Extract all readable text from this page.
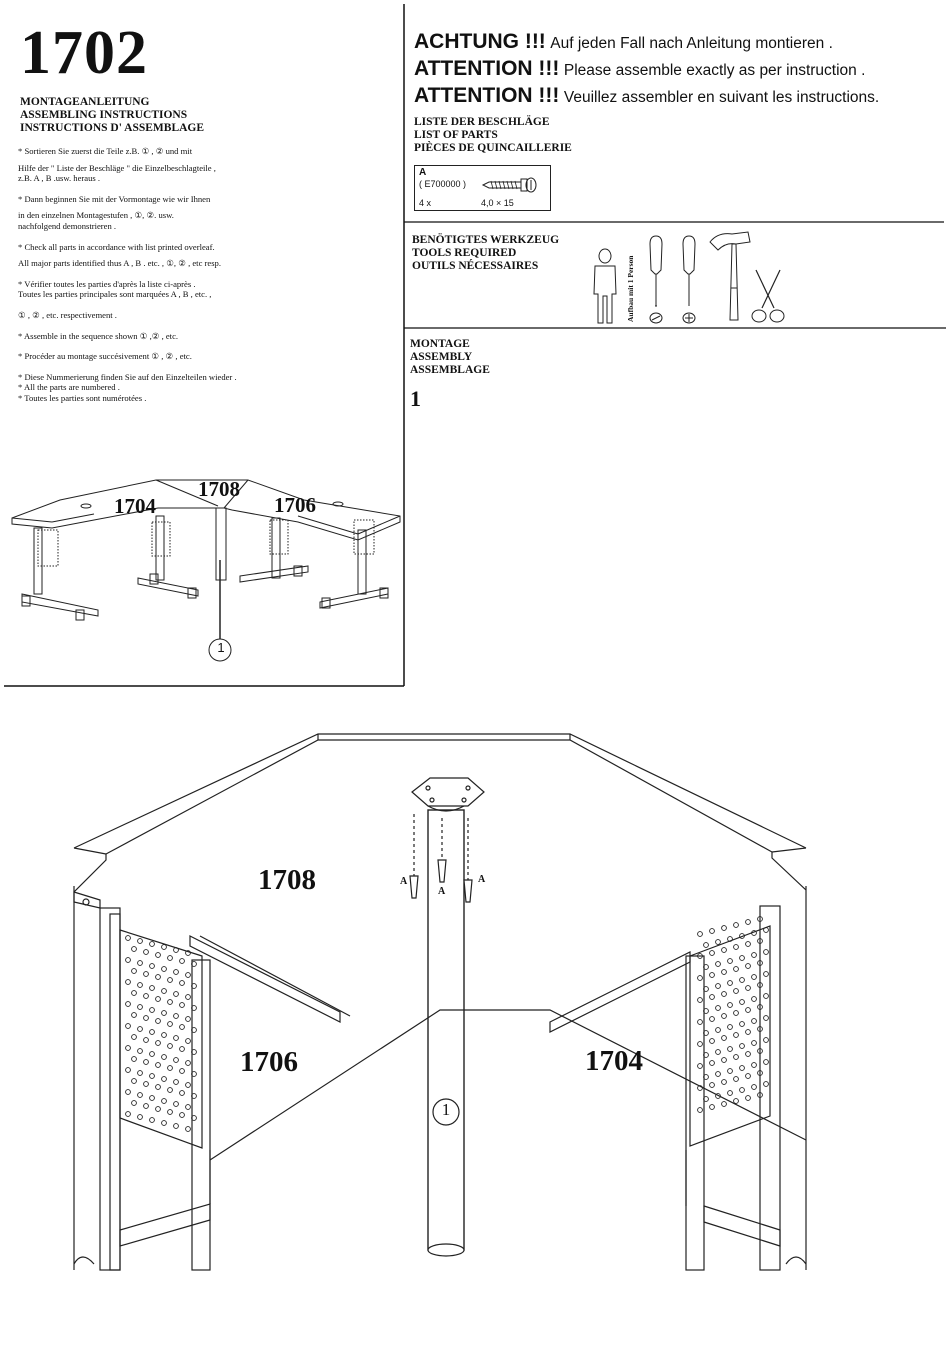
1702
MONTAGEANLEITUNG
ASSEMBLING INSTRUCTIONS
INSTRUCTIONS D' ASSEMBLAGE

* Sortieren Sie zuerst die Teile z.B. ① , ② und mit

Hilfe der " Liste der Beschläge " die Einzelbeschlagteile ,

z.B. A , B .usw. heraus .

* Dann beginnen Sie mit der Vormontage wie wir Ihnen

in den einzelnen Montagestufen , ①, ②. usw.

nachfolgend demonstrieren .

* Check all parts in accordance with list printed overleaf.

All major parts identified thus A , B . etc. , ①, ② , etc resp.

* Vérifier toutes les parties d'après la liste ci-après .

Toutes les parties principales sont marquées A , B , etc. ,

① , ② , etc. respectivement .

* Assemble in the sequence shown ① ,② , etc.

* Procéder au montage succésivement ① , ② , etc.

* Diese Nummerierung finden Sie auf den Einzelteilen wieder .

* All the parts are numbered .

* Toutes les parties sont numérotées .

ACHTUNG !!! Auf jeden Fall nach Anleitung montieren .
ATTENTION !!! Please assemble exactly as per instruction .
ATTENTION !!! Veuillez assembler en suivant les instructions.
LISTE DER BESCHLÄGE
LIST OF PARTS
PIÈCES DE QUINCAILLERIE
A
( E700000 )
4 x	4,0 × 15
BENÖTIGTES WERKZEUG
TOOLS REQUIRED
OUTILS NÉCESSAIRES	Aufbau mit 1 Person
MONTAGE
ASSEMBLY
ASSEMBLAGE
1
1704
1708
1706
1
1708
1706	1704
A
A
A
1
